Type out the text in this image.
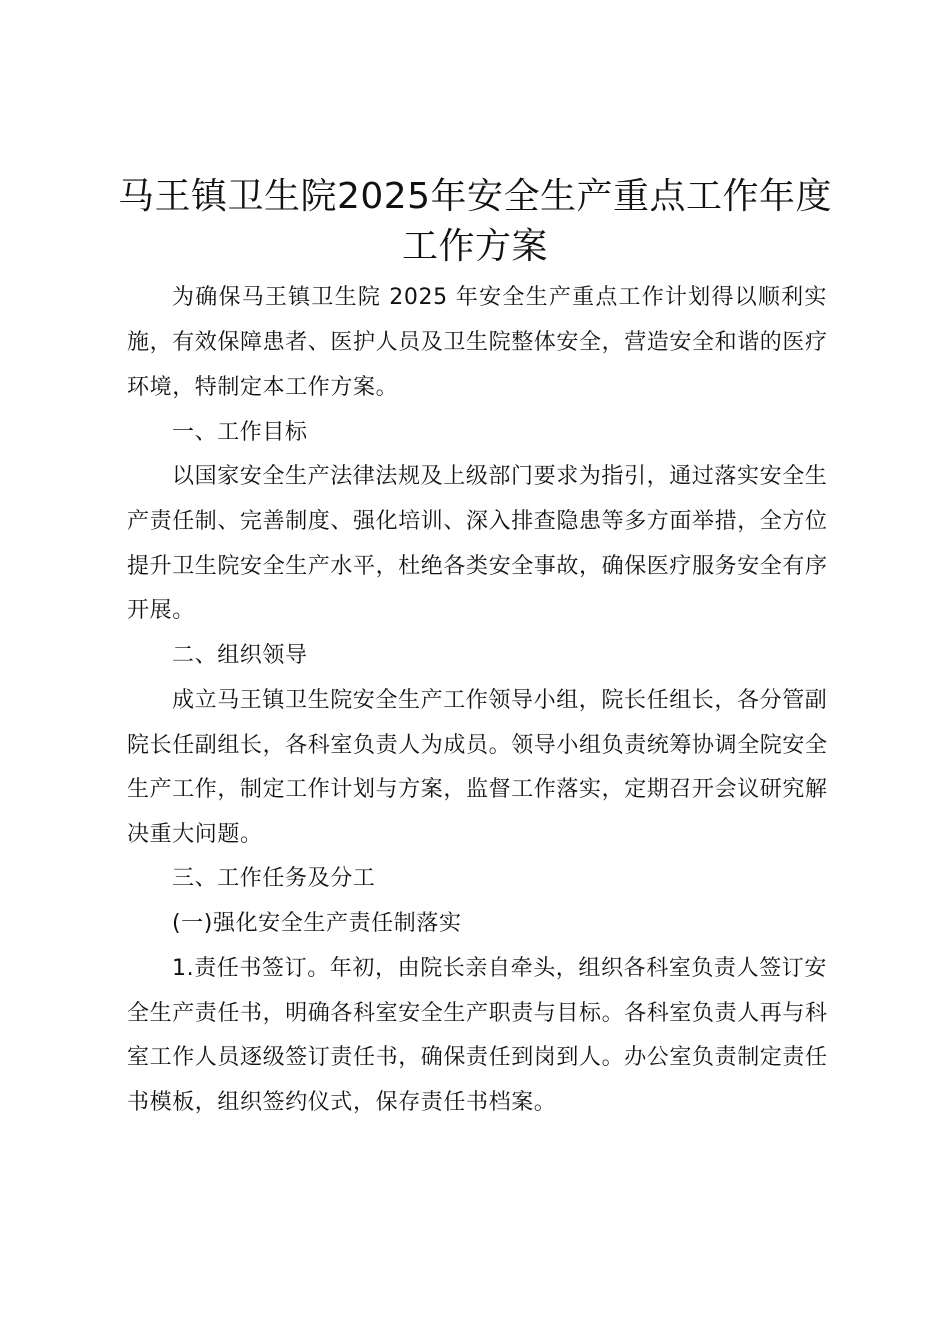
马王镇卫生院2025年安全生产重点工作年度
工作方案
为确保马王镇卫生院 2025 年安全生产重点工作计划得以顺利实
施，有效保障患者、医护人员及卫生院整体安全，营造安全和谐的医疗
环境，特制定本工作方案。
一、工作目标
以国家安全生产法律法规及上级部门要求为指引，通过落实安全生
产责任制、完善制度、强化培训、深入排查隐患等多方面举措，全方位
提升卫生院安全生产水平，杜绝各类安全事故，确保医疗服务安全有序
开展。
二、组织领导
成立马王镇卫生院安全生产工作领导小组，院长任组长，各分管副
院长任副组长，各科室负责人为成员。领导小组负责统筹协调全院安全
生产工作，制定工作计划与方案，监督工作落实，定期召开会议研究解
决重大问题。
三、工作任务及分工
(一)强化安全生产责任制落实
1.责任书签订。年初，由院长亲自牵头，组织各科室负责人签订安
全生产责任书，明确各科室安全生产职责与目标。各科室负责人再与科
室工作人员逐级签订责任书，确保责任到岗到人。办公室负责制定责任
书模板，组织签约仪式，保存责任书档案。
